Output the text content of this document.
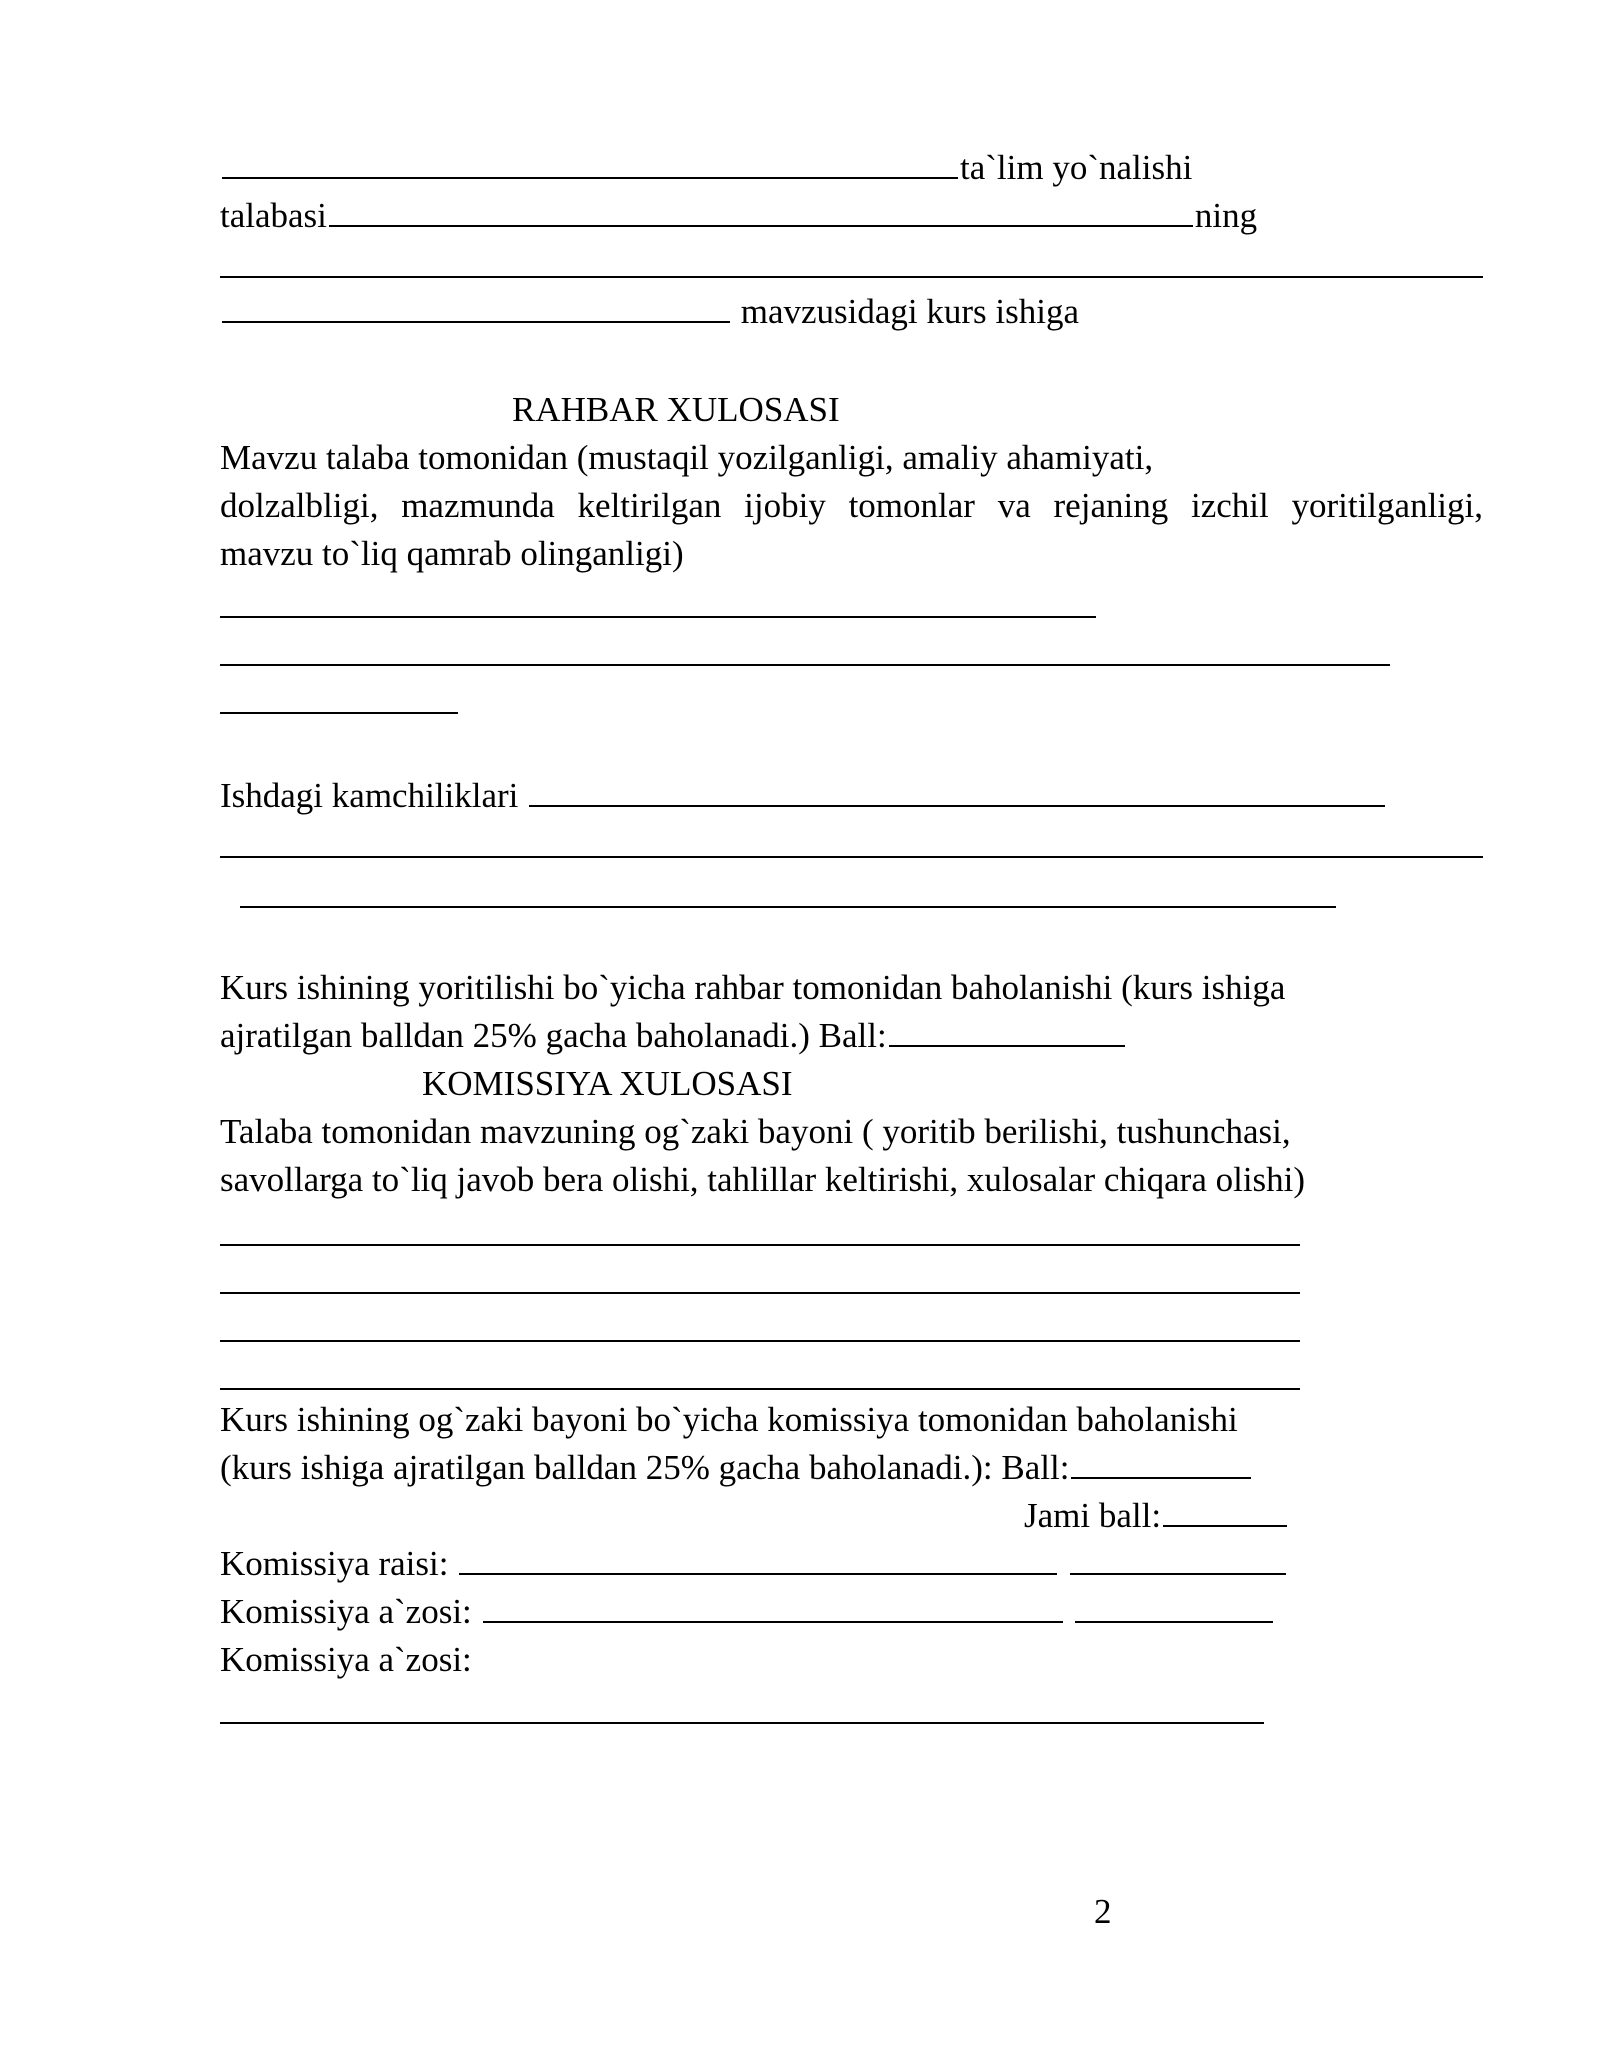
ta`lim yo`nalishi
talabasi	ning
mavzusidagi kurs ishiga
RAHBAR XULOSASI
Mavzu talaba tomonidan (mustaqil yozilganligi, amaliy ahamiyati,
dolzalbligi, mazmunda keltirilgan ijobiy tomonlar va rejaning izchil yoritilganligi,
mavzu to`liq qamrab olinganligi)
Ishdagi kamchiliklari
Kurs ishining yoritilishi bo`yicha rahbar tomonidan baholanishi (kurs ishiga
ajratilgan balldan 25% gacha baholanadi.) Ball:
KOMISSIYA XULOSASI
Talaba tomonidan mavzuning og`zaki bayoni ( yoritib berilishi, tushunchasi,
savollarga to`liq javob bera olishi, tahlillar keltirishi, xulosalar chiqara olishi)
Kurs ishining og`zaki bayoni bo`yicha komissiya tomonidan baholanishi
(kurs ishiga ajratilgan balldan 25% gacha baholanadi.): Ball:
Jami ball:
Komissiya raisi:
Komissiya a`zosi:
Komissiya a`zosi:
2
